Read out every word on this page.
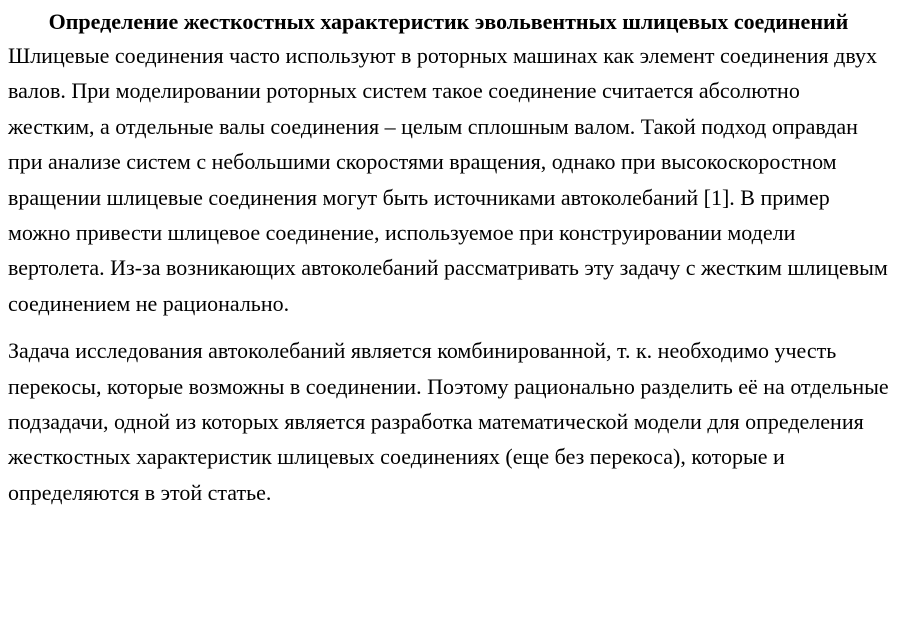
Определение жесткостных характеристик эвольвентных шлицевых соединений

Шлицевые соединения часто используют в роторных машинах как элемент соединения двух валов. При моделировании роторных систем такое соединение считается абсолютно жестким, а отдельные валы соединения – целым сплошным валом. Такой подход оправдан при анализе систем с небольшими скоростями вращения, однако при высокоскоростном вращении шлицевые соединения могут быть источниками автоколебаний [1]. В пример можно привести шлицевое соединение, используемое при конструировании модели вертолета. Из-за возникающих автоколебаний рассматривать эту задачу с жестким шлицевым соединением не рационально.

Задача исследования автоколебаний является комбинированной, т. к. необходимо учесть перекосы, которые возможны в соединении. Поэтому рационально разделить её на отдельные подзадачи, одной из которых является разработка математической модели для определения жесткостных характеристик шлицевых соединениях (еще без перекоса), которые и определяются в этой статье.
